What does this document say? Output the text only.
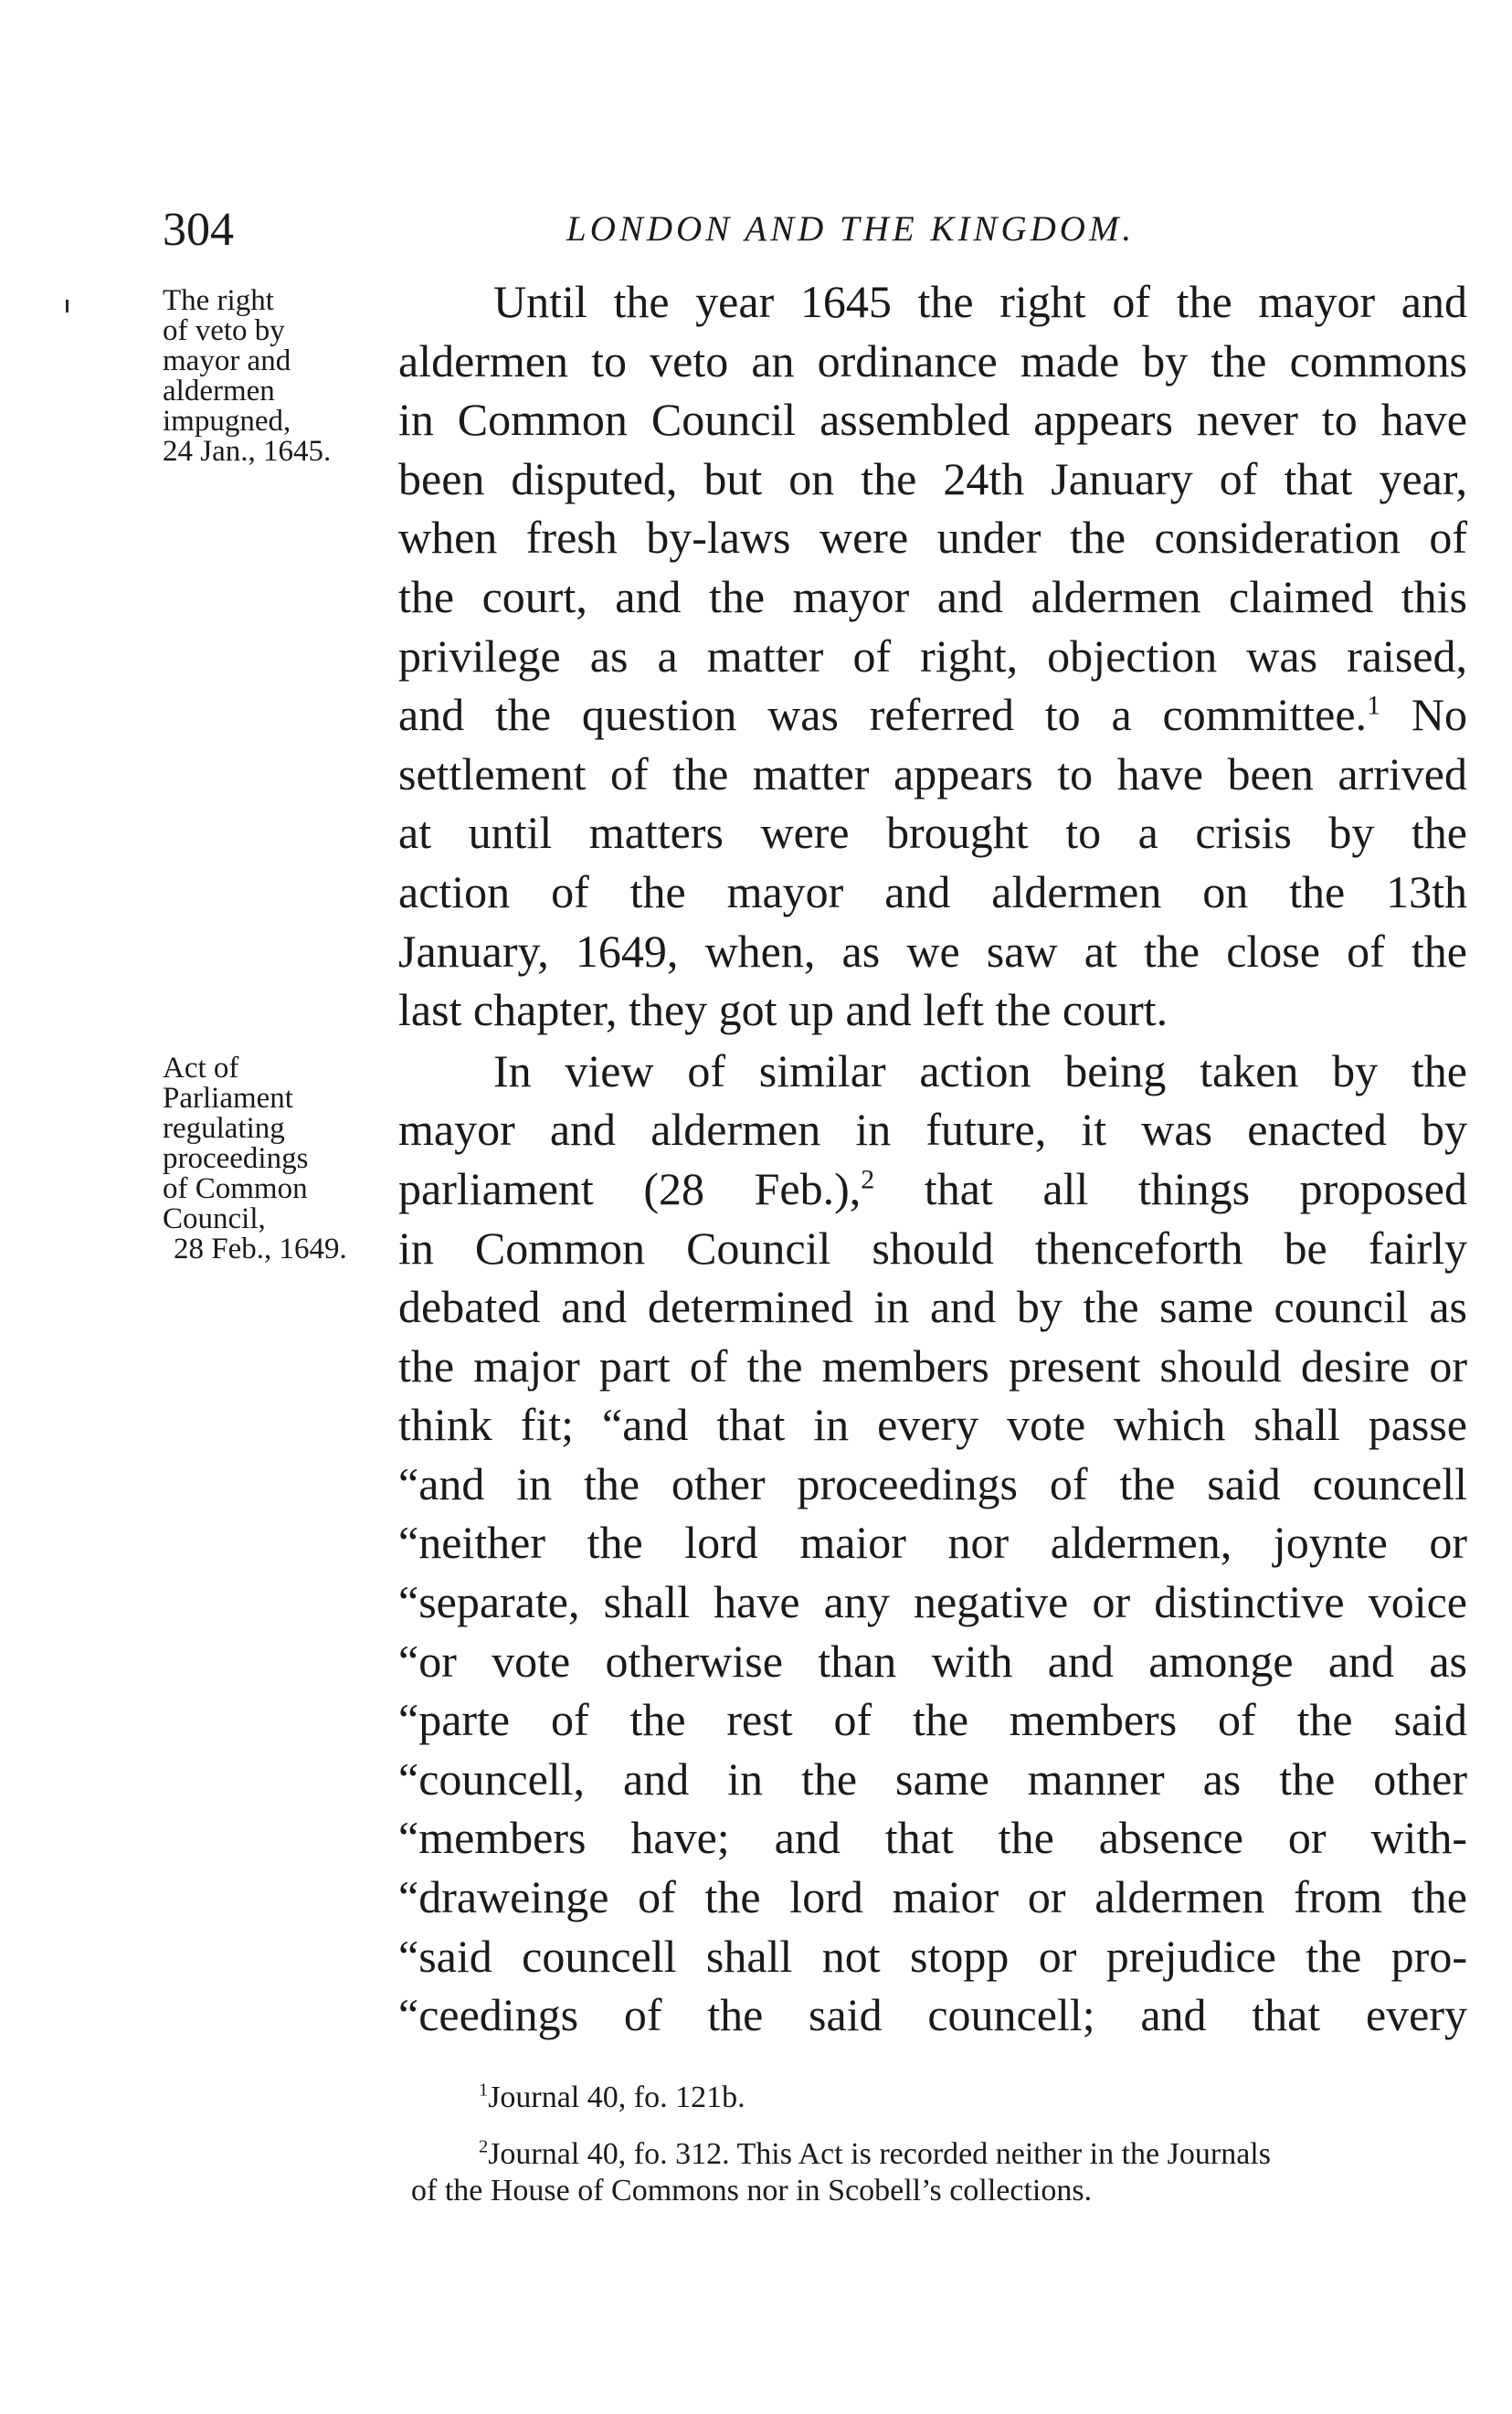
304	LONDON AND THE KINGDOM.
The right
of veto by
mayor and
aldermen
impugned,
24 Jan., 1645.
Act of
Parliament
regulating
proceedings
of Common
Council,
28 Feb., 1649.
Until the year 1645 the right of the mayor and
aldermen to veto an ordinance made by the commons
in Common Council assembled appears never to have
been disputed, but on the 24th January of that year,
when fresh by-laws were under the consideration of
the court, and the mayor and aldermen claimed this
privilege as a matter of right, objection was raised,
and the question was referred to a committee.$^1$ No
settlement of the matter appears to have been arrived
at until matters were brought to a crisis by the
action of the mayor and aldermen on the 13th
January, 1649, when, as we saw at the close of the
last chapter, they got up and left the court.
In view of similar action being taken by the
mayor and aldermen in future, it was enacted by
parliament (28 Feb.),$^2$ that all things proposed
in Common Council should thenceforth be fairly
debated and determined in and by the same council as
the major part of the members present should desire or
think fit; “and that in every vote which shall passe
“and in the other proceedings of the said councell
“neither the lord maior nor aldermen, joynte or
“separate, shall have any negative or distinctive voice
“or vote otherwise than with and amonge and as
“parte of the rest of the members of the said
“councell, and in the same manner as the other
“members have; and that the absence or with-
“draweinge of the lord maior or aldermen from the
“said councell shall not stopp or prejudice the pro-
“ceedings of the said councell; and that every
$^1$Journal 40, fo. 121b.
$^2$Journal 40, fo. 312. This Act is recorded neither in the Journals
of the House of Commons nor in Scobell’s collections.
